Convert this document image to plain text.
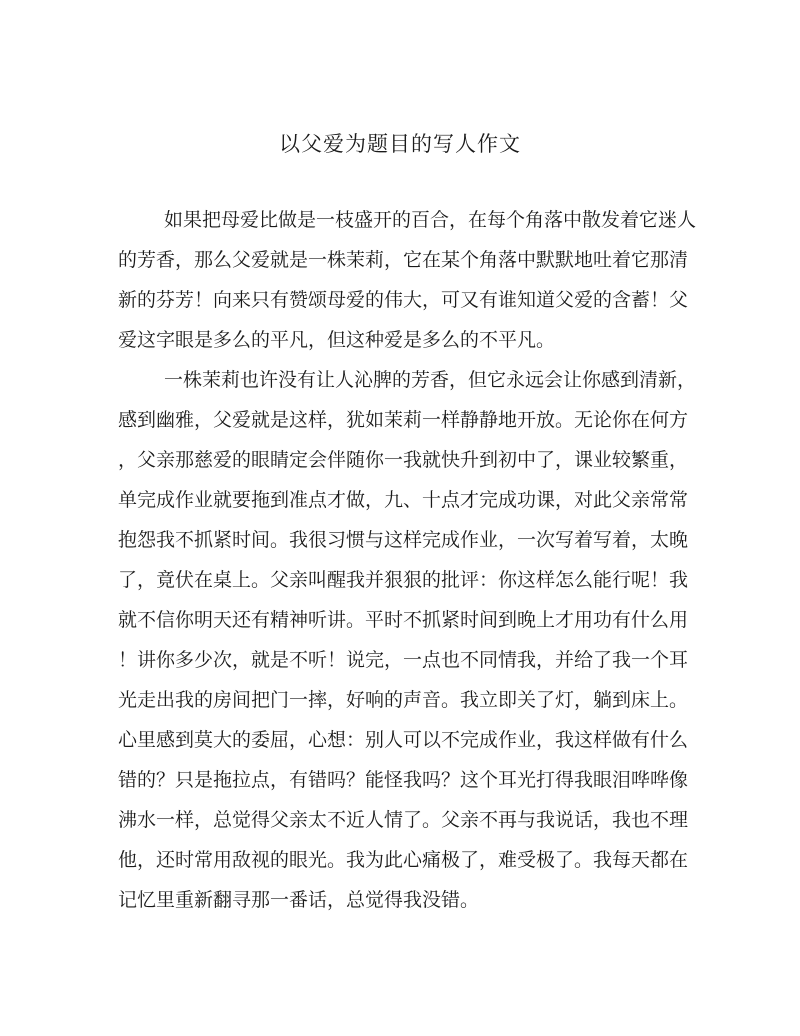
以父爱为题目的写人作文
如果把母爱比做是一枝盛开的百合，在每个角落中散发着它迷人
的芳香，那么父爱就是一株茉莉，它在某个角落中默默地吐着它那清
新的芬芳！向来只有赞颂母爱的伟大，可又有谁知道父爱的含蓄！父
爱这字眼是多么的平凡，但这种爱是多么的不平凡。
一株茉莉也许没有让人沁脾的芳香，但它永远会让你感到清新，
感到幽雅，父爱就是这样，犹如茉莉一样静静地开放。无论你在何方
，父亲那慈爱的眼睛定会伴随你一我就快升到初中了，课业较繁重，
单完成作业就要拖到准点才做，九、十点才完成功课，对此父亲常常
抱怨我不抓紧时间。我很习惯与这样完成作业，一次写着写着，太晚
了，竟伏在桌上。父亲叫醒我并狠狠的批评：你这样怎么能行呢！我
就不信你明天还有精神听讲。平时不抓紧时间到晚上才用功有什么用
！讲你多少次，就是不听！说完，一点也不同情我，并给了我一个耳
光走出我的房间把门一摔，好响的声音。我立即关了灯，躺到床上。
心里感到莫大的委屈，心想：别人可以不完成作业，我这样做有什么
错的？只是拖拉点，有错吗？能怪我吗？这个耳光打得我眼泪哗哗像
沸水一样，总觉得父亲太不近人情了。父亲不再与我说话，我也不理
他，还时常用敌视的眼光。我为此心痛极了，难受极了。我每天都在
记忆里重新翻寻那一番话，总觉得我没错。
